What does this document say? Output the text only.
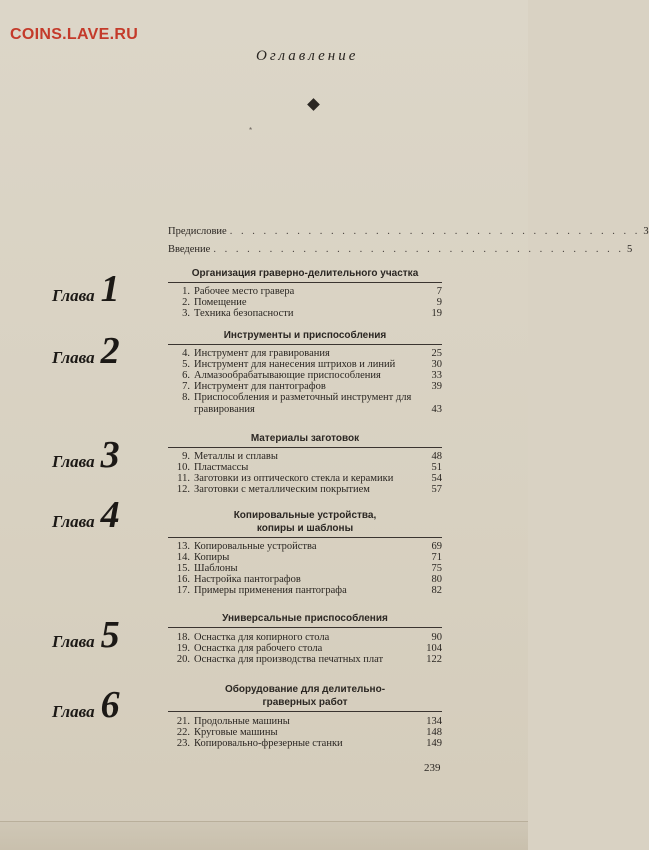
COINS.LAVE.RU
Оглавление
*
Предисловие . . . . . . . . . . . . . . . . . . . . . . . . . . . . . . . . . . . . . 3
Введение . . . . . . . . . . . . . . . . . . . . . . . . . . . . . . . . . . . . . 5
Глава 1	Организация граверно-делительного участка
1. Рабочее место гравера	7
2. Помещение	9
3. Техника безопасности	19
Глава 2	Инструменты и приспособления
4. Инструмент для гравирования	25
5. Инструмент для нанесения штрихов и линий	30
6. Алмазообрабатывающие приспособления	33
7. Инструмент для пантографов	39
8. Приспособления и разметочный инструмент для гравирования	43
Глава 3	Материалы заготовок
9. Металлы и сплавы	48
10. Пластмассы	51
11. Заготовки из оптического стекла и керамики	54
12. Заготовки с металлическим покрытием	57
Глава 4	Копировальные устройства, копиры и шаблоны
13. Копировальные устройства	69
14. Копиры	71
15. Шаблоны	75
16. Настройка пантографов	80
17. Примеры применения пантографа	82
Глава 5	Универсальные приспособления
18. Оснастка для копирного стола	90
19. Оснастка для рабочего стола	104
20. Оснастка для производства печатных плат	122
Глава 6	Оборудование для делительно-граверных работ
21. Продольные машины	134
22. Круговые машины	148
23. Копировально-фрезерные станки	149
239
